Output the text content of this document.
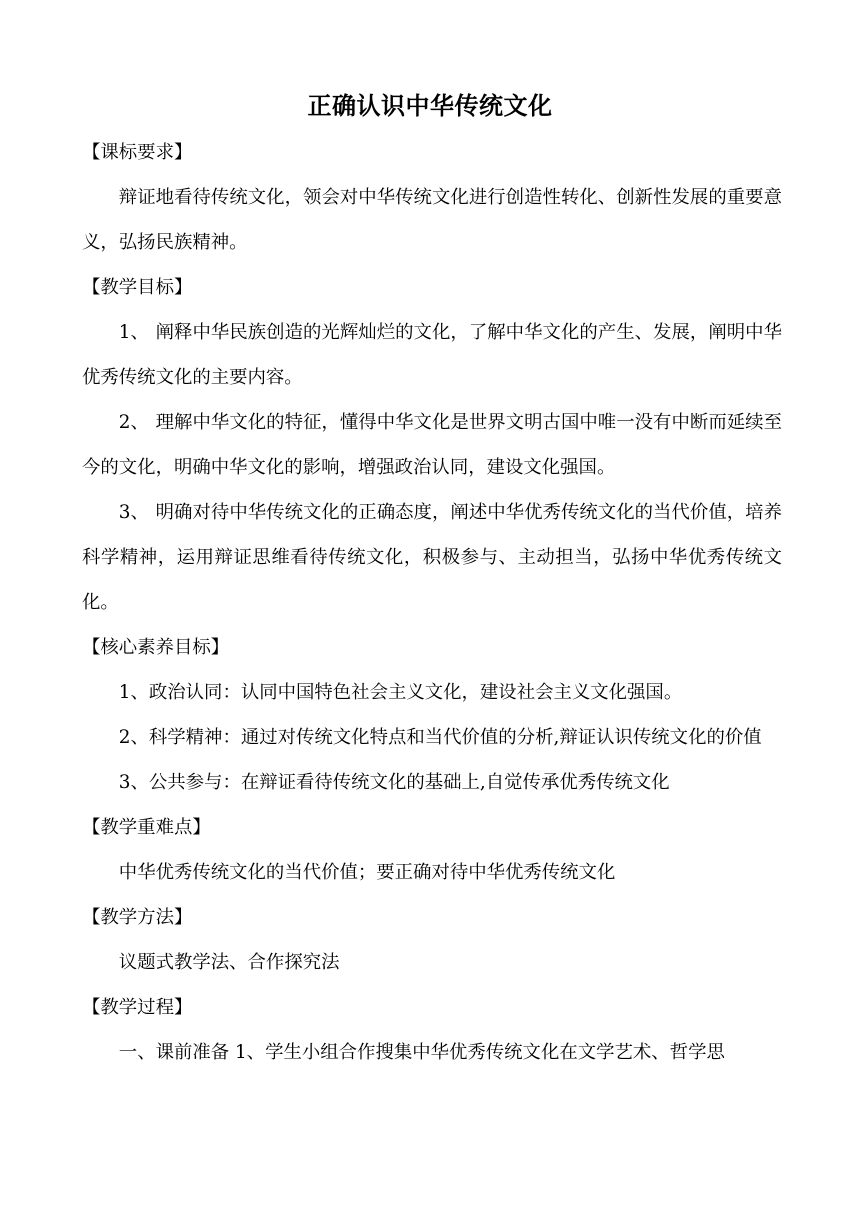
正确认识中华传统文化

【课标要求】

辩证地看待传统文化，领会对中华传统文化进行创造性转化、创新性发展的重要意义，弘扬民族精神。

【教学目标】

1、 阐释中华民族创造的光辉灿烂的文化，了解中华文化的产生、发展，阐明中华优秀传统文化的主要内容。

2、 理解中华文化的特征，懂得中华文化是世界文明古国中唯一没有中断而延续至今的文化，明确中华文化的影响，增强政治认同，建设文化强国。

3、 明确对待中华传统文化的正确态度，阐述中华优秀传统文化的当代价值，培养科学精神，运用辩证思维看待传统文化，积极参与、主动担当，弘扬中华优秀传统文化。

【核心素养目标】

1、政治认同：认同中国特色社会主义文化，建设社会主义文化强国。

2、科学精神：通过对传统文化特点和当代价值的分析,辩证认识传统文化的价值

3、公共参与：在辩证看待传统文化的基础上,自觉传承优秀传统文化

【教学重难点】

中华优秀传统文化的当代价值；要正确对待中华优秀传统文化

【教学方法】

议题式教学法、合作探究法

【教学过程】

一、课前准备 1、学生小组合作搜集中华优秀传统文化在文学艺术、哲学思
